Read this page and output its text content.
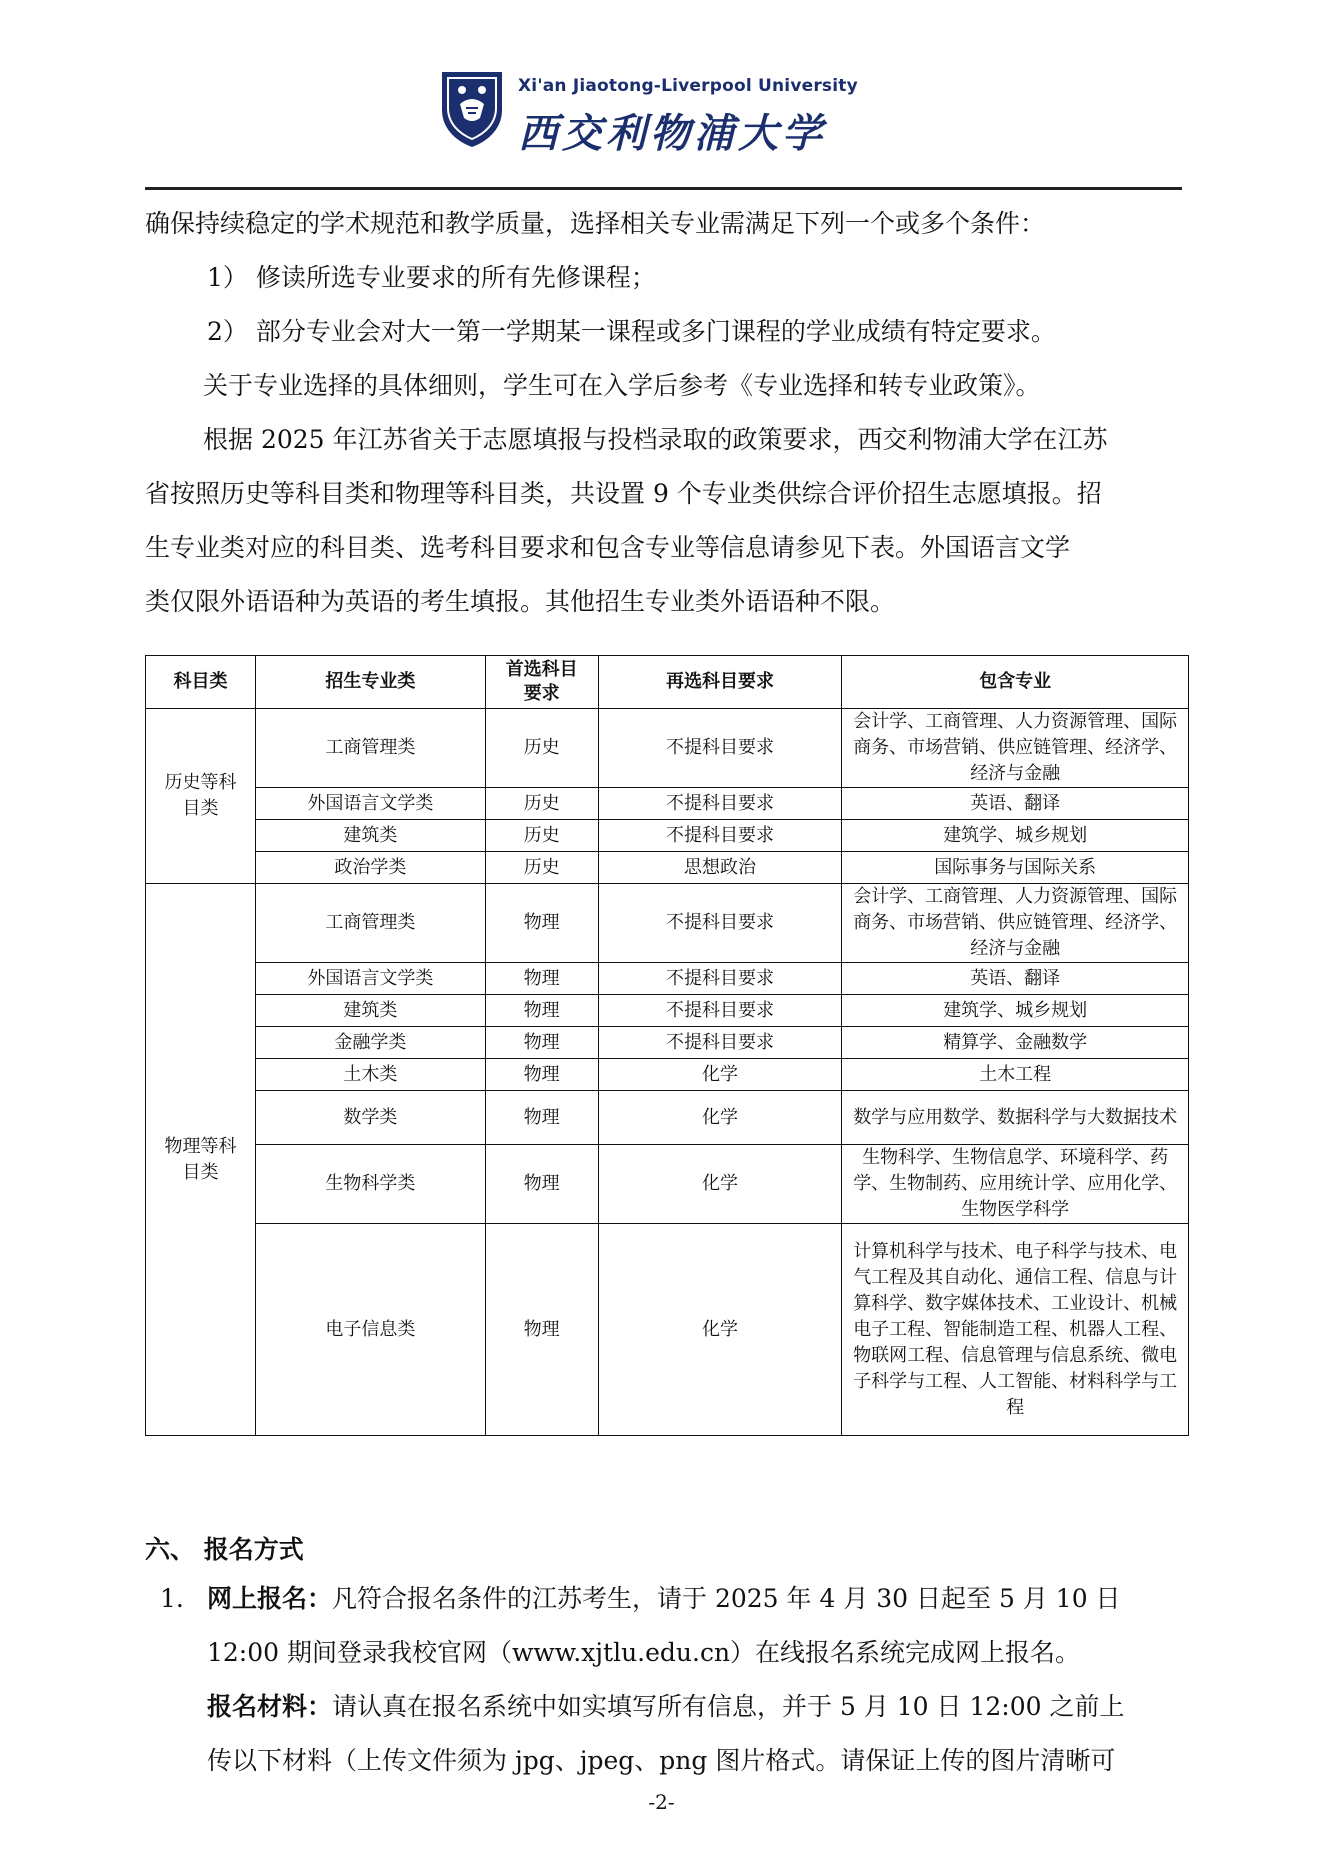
Xi'an Jiaotong-Liverpool University
西交利物浦大学

确保持续稳定的学术规范和教学质量，选择相关专业需满足下列一个或多个条件：

1） 修读所选专业要求的所有先修课程；

2） 部分专业会对大一第一学期某一课程或多门课程的学业成绩有特定要求。

关于专业选择的具体细则，学生可在入学后参考《专业选择和转专业政策》。

根据 2025 年江苏省关于志愿填报与投档录取的政策要求，西交利物浦大学在江苏

省按照历史等科目类和物理等科目类，共设置 9 个专业类供综合评价招生志愿填报。招

生专业类对应的科目类、选考科目要求和包含专业等信息请参见下表。外国语言文学

类仅限外语语种为英语的考生填报。其他招生专业类外语语种不限。

科目类	招生专业类	首选科目要求	再选科目要求	包含专业
历史等科目类	工商管理类	历史	不提科目要求	会计学、工商管理、人力资源管理、国际商务、市场营销、供应链管理、经济学、经济与金融
	外国语言文学类	历史	不提科目要求	英语、翻译
	建筑类	历史	不提科目要求	建筑学、城乡规划
	政治学类	历史	思想政治	国际事务与国际关系
物理等科目类	工商管理类	物理	不提科目要求	会计学、工商管理、人力资源管理、国际商务、市场营销、供应链管理、经济学、经济与金融
	外国语言文学类	物理	不提科目要求	英语、翻译
	建筑类	物理	不提科目要求	建筑学、城乡规划
	金融学类	物理	不提科目要求	精算学、金融数学
	土木类	物理	化学	土木工程
	数学类	物理	化学	数学与应用数学、数据科学与大数据技术
	生物科学类	物理	化学	生物科学、生物信息学、环境科学、药学、生物制药、应用统计学、应用化学、生物医学科学
	电子信息类	物理	化学	计算机科学与技术、电子科学与技术、电气工程及其自动化、通信工程、信息与计算科学、数字媒体技术、工业设计、机械电子工程、智能制造工程、机器人工程、物联网工程、信息管理与信息系统、微电子科学与工程、人工智能、材料科学与工程
六、 报名方式

1. 网上报名：凡符合报名条件的江苏考生，请于 2025 年 4 月 30 日起至 5 月 10 日

12:00 期间登录我校官网（www.xjtlu.edu.cn）在线报名系统完成网上报名。

报名材料：请认真在报名系统中如实填写所有信息，并于 5 月 10 日 12:00 之前上

传以下材料（上传文件须为 jpg、jpeg、png 图片格式。请保证上传的图片清晰可

-2-
